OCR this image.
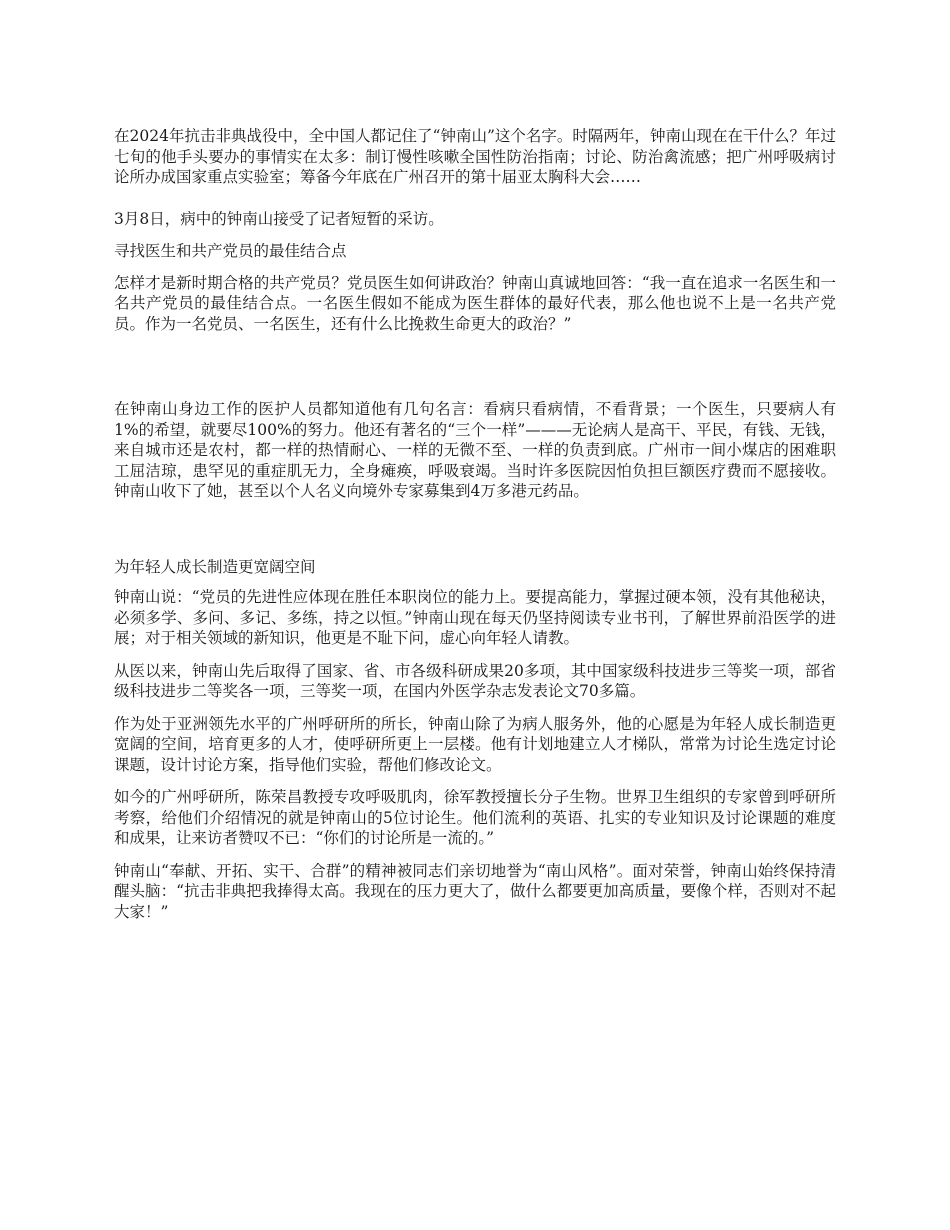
在2024年抗击非典战役中，全中国人都记住了“钟南山”这个名字。时隔两年，钟南山现在在干什么？年过七旬的他手头要办的事情实在太多：制订慢性咳嗽全国性防治指南；讨论、防治禽流感；把广州呼吸病讨论所办成国家重点实验室；筹备今年底在广州召开的第十届亚太胸科大会……

3月8日，病中的钟南山接受了记者短暂的采访。

寻找医生和共产党员的最佳结合点

怎样才是新时期合格的共产党员？党员医生如何讲政治？钟南山真诚地回答：“我一直在追求一名医生和一名共产党员的最佳结合点。一名医生假如不能成为医生群体的最好代表，那么他也说不上是一名共产党员。作为一名党员、一名医生，还有什么比挽救生命更大的政治？”

在钟南山身边工作的医护人员都知道他有几句名言：看病只看病情，不看背景；一个医生，只要病人有1%的希望，就要尽100%的努力。他还有著名的“三个一样”———无论病人是高干、平民，有钱、无钱，来自城市还是农村，都一样的热情耐心、一样的无微不至、一样的负责到底。广州市一间小煤店的困难职工屈洁琼，患罕见的重症肌无力，全身瘫痪，呼吸衰竭。当时许多医院因怕负担巨额医疗费而不愿接收。钟南山收下了她，甚至以个人名义向境外专家募集到4万多港元药品。

为年轻人成长制造更宽阔空间

钟南山说：“党员的先进性应体现在胜任本职岗位的能力上。要提高能力，掌握过硬本领，没有其他秘诀，必须多学、多问、多记、多练，持之以恒。”钟南山现在每天仍坚持阅读专业书刊，了解世界前沿医学的进展；对于相关领域的新知识，他更是不耻下问，虚心向年轻人请教。

从医以来，钟南山先后取得了国家、省、市各级科研成果20多项，其中国家级科技进步三等奖一项，部省级科技进步二等奖各一项，三等奖一项，在国内外医学杂志发表论文70多篇。

作为处于亚洲领先水平的广州呼研所的所长，钟南山除了为病人服务外，他的心愿是为年轻人成长制造更宽阔的空间，培育更多的人才，使呼研所更上一层楼。他有计划地建立人才梯队，常常为讨论生选定讨论课题，设计讨论方案，指导他们实验，帮他们修改论文。

如今的广州呼研所，陈荣昌教授专攻呼吸肌肉，徐军教授擅长分子生物。世界卫生组织的专家曾到呼研所考察，给他们介绍情况的就是钟南山的5位讨论生。他们流利的英语、扎实的专业知识及讨论课题的难度和成果，让来访者赞叹不已：“你们的讨论所是一流的。”

钟南山“奉献、开拓、实干、合群”的精神被同志们亲切地誉为“南山风格”。面对荣誉，钟南山始终保持清醒头脑：“抗击非典把我捧得太高。我现在的压力更大了，做什么都要更加高质量，要像个样，否则对不起大家！”
